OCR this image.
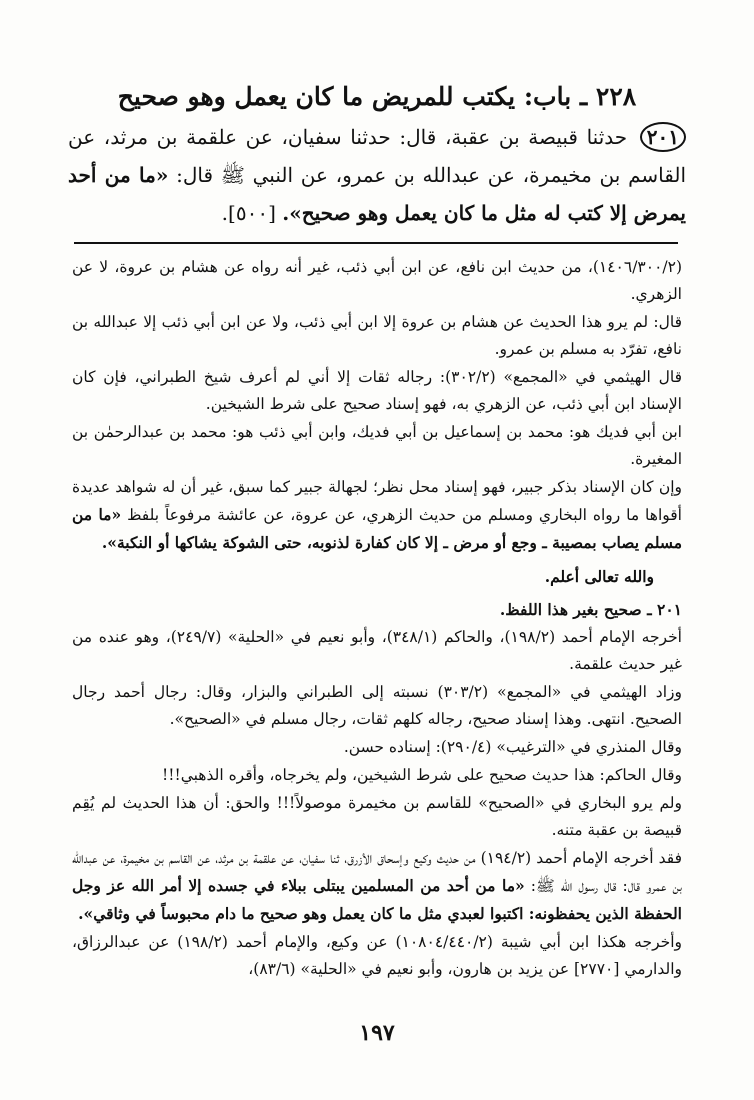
٢٢٨ ـ باب: يكتب للمريض ما كان يعمل وهو صحيح
٢٠١ حدثنا قبيصة بن عقبة، قال: حدثنا سفيان، عن علقمة بن مرثد، عن القاسم بن مخيمرة، عن عبدالله بن عمرو، عن النبي ﷺ قال: «ما من أحد يمرض إلا كتب له مثل ما كان يعمل وهو صحيح». [٥٠٠].

(١٤٠٦/٣٠٠/٢)، من حديث ابن نافع، عن ابن أبي ذئب، غير أنه رواه عن هشام بن عروة، لا عن الزهري.

قال: لم يرو هذا الحديث عن هشام بن عروة إلا ابن أبي ذئب، ولا عن ابن أبي ذئب إلا عبدالله بن نافع، تفرّد به مسلم بن عمرو.

قال الهيثمي في «المجمع» (٣٠٢/٢): رجاله ثقات إلا أني لم أعرف شيخ الطبراني، فإن كان الإسناد ابن أبي ذئب، عن الزهري به، فهو إسناد صحيح على شرط الشيخين.

ابن أبي فديك هو: محمد بن إسماعيل بن أبي فديك، وابن أبي ذئب هو: محمد بن عبدالرحمٰن بن المغيرة.

وإن كان الإسناد بذكر جبير، فهو إسناد محل نظر؛ لجهالة جبير كما سبق، غير أن له شواهد عديدة أقواها ما رواه البخاري ومسلم من حديث الزهري، عن عروة، عن عائشة مرفوعاً بلفظ «ما من مسلم يصاب بمصيبة ـ وجع أو مرض ـ إلا كان كفارة لذنوبه، حتى الشوكة يشاكها أو النكبة».

والله تعالى أعلم.

٢٠١ ـ صحيح بغير هذا اللفظ.

أخرجه الإمام أحمد (١٩٨/٢)، والحاكم (٣٤٨/١)، وأبو نعيم في «الحلية» (٢٤٩/٧)، وهو عنده من غير حديث علقمة.

وزاد الهيثمي في «المجمع» (٣٠٣/٢) نسبته إلى الطبراني والبزار، وقال: رجال أحمد رجال الصحيح. انتهى. وهذا إسناد صحيح، رجاله كلهم ثقات، رجال مسلم في «الصحيح».

وقال المنذري في «الترغيب» (٢٩٠/٤): إسناده حسن.

وقال الحاكم: هذا حديث صحيح على شرط الشيخين، ولم يخرجاه، وأقره الذهبي!!!

ولم يرو البخاري في «الصحيح» للقاسم بن مخيمرة موصولاً!!! والحق: أن هذا الحديث لم يُقِم قبيصة بن عقبة متنه.

فقد أخرجه الإمام أحمد (١٩٤/٢) من حديث وكيع وإسحاق الأزرق، ثنا سفيان، عن علقمة بن مرثد، عن القاسم بن مخيمرة، عن عبدالله بن عمرو قال: قال رسول الله ﷺ: «ما من أحد من المسلمين يبتلى ببلاء في جسده إلا أمر الله عز وجل الحفظة الذين يحفظونه: اكتبوا لعبدي مثل ما كان يعمل وهو صحيح ما دام محبوساً في وثاقي».

وأخرجه هكذا ابن أبي شيبة (١٠٨٠٤/٤٤٠/٢) عن وكيع، والإمام أحمد (١٩٨/٢) عن عبدالرزاق، والدارمي [٢٧٧٠] عن يزيد بن هارون، وأبو نعيم في «الحلية» (٨٣/٦)،

١٩٧
